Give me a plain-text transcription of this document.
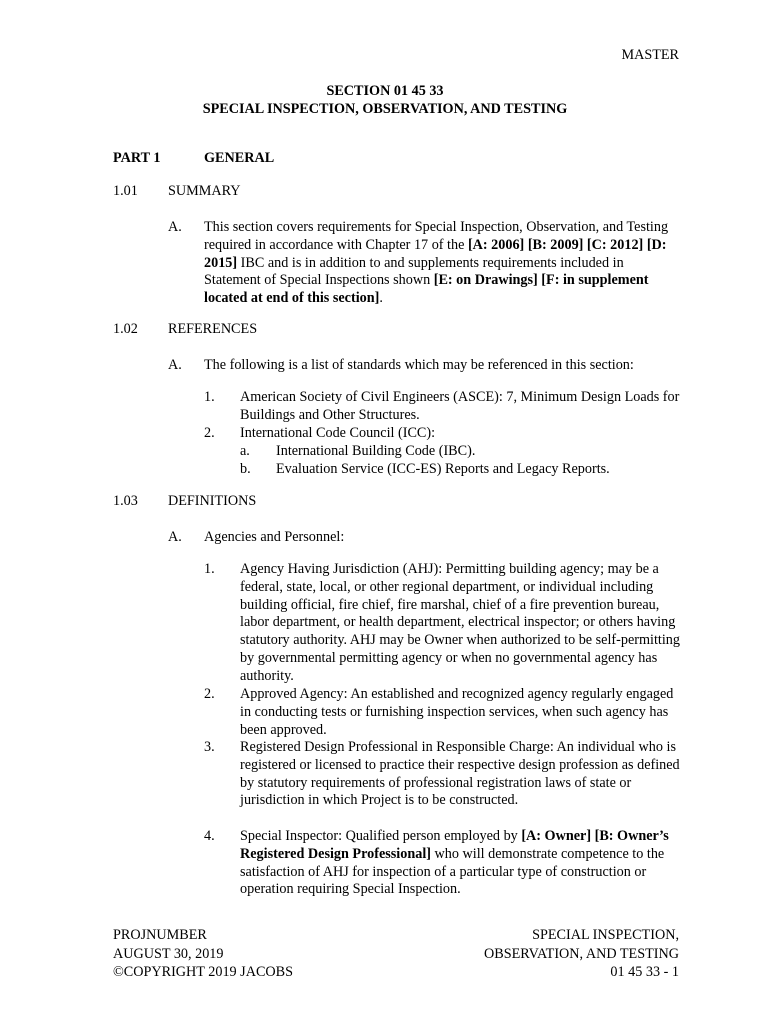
MASTER
SECTION 01 45 33
SPECIAL INSPECTION, OBSERVATION, AND TESTING
PART 1	GENERAL
1.01 SUMMARY
A. This section covers requirements for Special Inspection, Observation, and Testing required in accordance with Chapter 17 of the [A: 2006] [B: 2009] [C: 2012] [D: 2015] IBC and is in addition to and supplements requirements included in Statement of Special Inspections shown [E: on Drawings] [F: in supplement located at end of this section].

1.02 REFERENCES
A. The following is a list of standards which may be referenced in this section:

1. American Society of Civil Engineers (ASCE): 7, Minimum Design Loads for Buildings and Other Structures.

2. International Code Council (ICC):

a. International Building Code (IBC).

b. Evaluation Service (ICC-ES) Reports and Legacy Reports.

1.03 DEFINITIONS
A. Agencies and Personnel:

1. Agency Having Jurisdiction (AHJ): Permitting building agency; may be a federal, state, local, or other regional department, or individual including building official, fire chief, fire marshal, chief of a fire prevention bureau, labor department, or health department, electrical inspector; or others having statutory authority. AHJ may be Owner when authorized to be self-permitting by governmental permitting agency or when no governmental agency has authority.

2. Approved Agency: An established and recognized agency regularly engaged in conducting tests or furnishing inspection services, when such agency has been approved.

3. Registered Design Professional in Responsible Charge: An individual who is registered or licensed to practice their respective design profession as defined by statutory requirements of professional registration laws of state or jurisdiction in which Project is to be constructed.

4. Special Inspector: Qualified person employed by [A: Owner] [B: Owner’s Registered Design Professional] who will demonstrate competence to the satisfaction of AHJ for inspection of a particular type of construction or operation requiring Special Inspection.

PROJNUMBER
AUGUST 30, 2019
©COPYRIGHT 2019 JACOBS
SPECIAL INSPECTION,
OBSERVATION, AND TESTING
01 45 33 - 1
